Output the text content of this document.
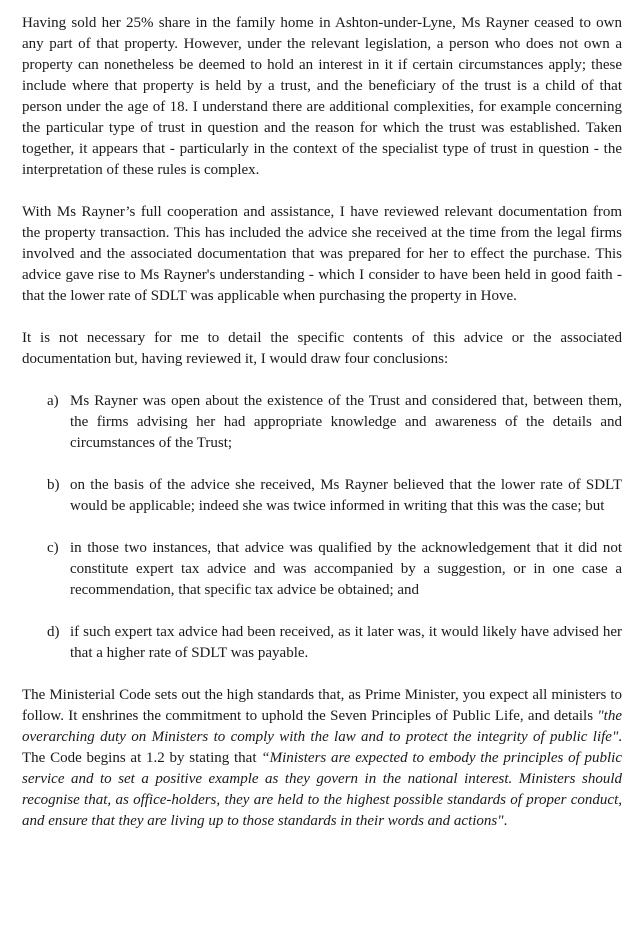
Having sold her 25% share in the family home in Ashton-under-Lyne, Ms Rayner ceased to own any part of that property. However, under the relevant legislation, a person who does not own a property can nonetheless be deemed to hold an interest in it if certain circumstances apply; these include where that property is held by a trust, and the beneficiary of the trust is a child of that person under the age of 18. I understand there are additional complexities, for example concerning the particular type of trust in question and the reason for which the trust was established. Taken together, it appears that - particularly in the context of the specialist type of trust in question - the interpretation of these rules is complex.

With Ms Rayner’s full cooperation and assistance, I have reviewed relevant documentation from the property transaction. This has included the advice she received at the time from the legal firms involved and the associated documentation that was prepared for her to effect the purchase. This advice gave rise to Ms Rayner's understanding - which I consider to have been held in good faith - that the lower rate of SDLT was applicable when purchasing the property in Hove.

It is not necessary for me to detail the specific contents of this advice or the associated documentation but, having reviewed it, I would draw four conclusions:

a) Ms Rayner was open about the existence of the Trust and considered that, between them, the firms advising her had appropriate knowledge and awareness of the details and circumstances of the Trust;
b) on the basis of the advice she received, Ms Rayner believed that the lower rate of SDLT would be applicable; indeed she was twice informed in writing that this was the case; but
c) in those two instances, that advice was qualified by the acknowledgement that it did not constitute expert tax advice and was accompanied by a suggestion, or in one case a recommendation, that specific tax advice be obtained; and
d) if such expert tax advice had been received, as it later was, it would likely have advised her that a higher rate of SDLT was payable.

The Ministerial Code sets out the high standards that, as Prime Minister, you expect all ministers to follow. It enshrines the commitment to uphold the Seven Principles of Public Life, and details "the overarching duty on Ministers to comply with the law and to protect the integrity of public life". The Code begins at 1.2 by stating that “Ministers are expected to embody the principles of public service and to set a positive example as they govern in the national interest. Ministers should recognise that, as office-holders, they are held to the highest possible standards of proper conduct, and ensure that they are living up to those standards in their words and actions".
